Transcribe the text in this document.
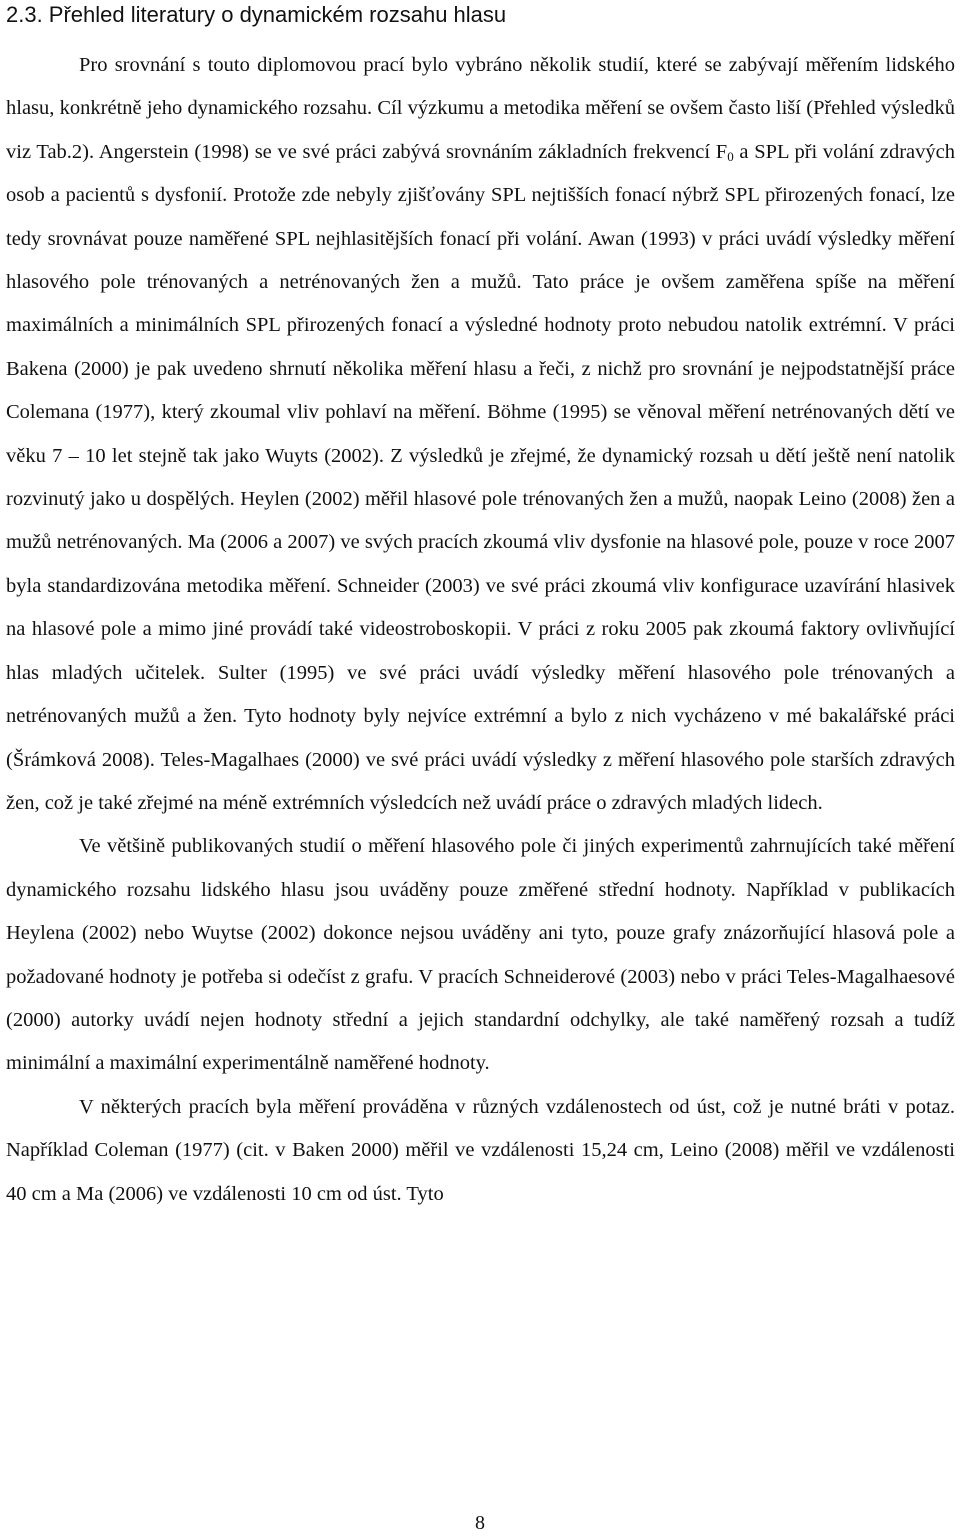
2.3. Přehled literatury o dynamickém rozsahu hlasu

Pro srovnání s touto diplomovou prací bylo vybráno několik studií, které se zabývají měřením lidského hlasu, konkrétně jeho dynamického rozsahu. Cíl výzkumu a metodika měření se ovšem často liší (Přehled výsledků viz Tab.2). Angerstein (1998) se ve své práci zabývá srovnáním základních frekvencí $F_0$ a SPL při volání zdravých osob a pacientů s dysfonií. Protože zde nebyly zjišťovány SPL nejtišších fonací nýbrž SPL přirozených fonací, lze tedy srovnávat pouze naměřené SPL nejhlasitějších fonací při volání. Awan (1993) v práci uvádí výsledky měření hlasového pole trénovaných a netrénovaných žen a mužů. Tato práce je ovšem zaměřena spíše na měření maximálních a minimálních SPL přirozených fonací a výsledné hodnoty proto nebudou natolik extrémní. V práci Bakena (2000) je pak uvedeno shrnutí několika měření hlasu a řeči, z nichž pro srovnání je nejpodstatnější práce Colemana (1977), který zkoumal vliv pohlaví na měření. Böhme (1995) se věnoval měření netrénovaných dětí ve věku 7 – 10 let stejně tak jako Wuyts (2002). Z výsledků je zřejmé, že dynamický rozsah u dětí ještě není natolik rozvinutý jako u dospělých. Heylen (2002) měřil hlasové pole trénovaných žen a mužů, naopak Leino (2008) žen a mužů netrénovaných. Ma (2006 a 2007) ve svých pracích zkoumá vliv dysfonie na hlasové pole, pouze v roce 2007 byla standardizována metodika měření. Schneider (2003) ve své práci zkoumá vliv konfigurace uzavírání hlasivek na hlasové pole a mimo jiné provádí také videostroboskopii. V práci z roku 2005 pak zkoumá faktory ovlivňující hlas mladých učitelek. Sulter (1995) ve své práci uvádí výsledky měření hlasového pole trénovaných a netrénovaných mužů a žen. Tyto hodnoty byly nejvíce extrémní a bylo z nich vycházeno v mé bakalářské práci (Šrámková 2008). Teles-Magalhaes (2000) ve své práci uvádí výsledky z měření hlasového pole starších zdravých žen, což je také zřejmé na méně extrémních výsledcích než uvádí práce o zdravých mladých lidech.

Ve většině publikovaných studií o měření hlasového pole či jiných experimentů zahrnujících také měření dynamického rozsahu lidského hlasu jsou uváděny pouze změřené střední hodnoty. Například v publikacích Heylena (2002) nebo Wuytse (2002) dokonce nejsou uváděny ani tyto, pouze grafy znázorňující hlasová pole a požadované hodnoty je potřeba si odečíst z grafu. V pracích Schneiderové (2003) nebo v práci Teles-Magalhaesové (2000) autorky uvádí nejen hodnoty střední a jejich standardní odchylky, ale také naměřený rozsah a tudíž minimální a maximální experimentálně naměřené hodnoty.

V některých pracích byla měření prováděna v různých vzdálenostech od úst, což je nutné bráti v potaz. Například Coleman (1977) (cit. v Baken 2000) měřil ve vzdálenosti 15,24 cm, Leino (2008) měřil ve vzdálenosti 40 cm a Ma (2006) ve vzdálenosti 10 cm od úst. Tyto

8
